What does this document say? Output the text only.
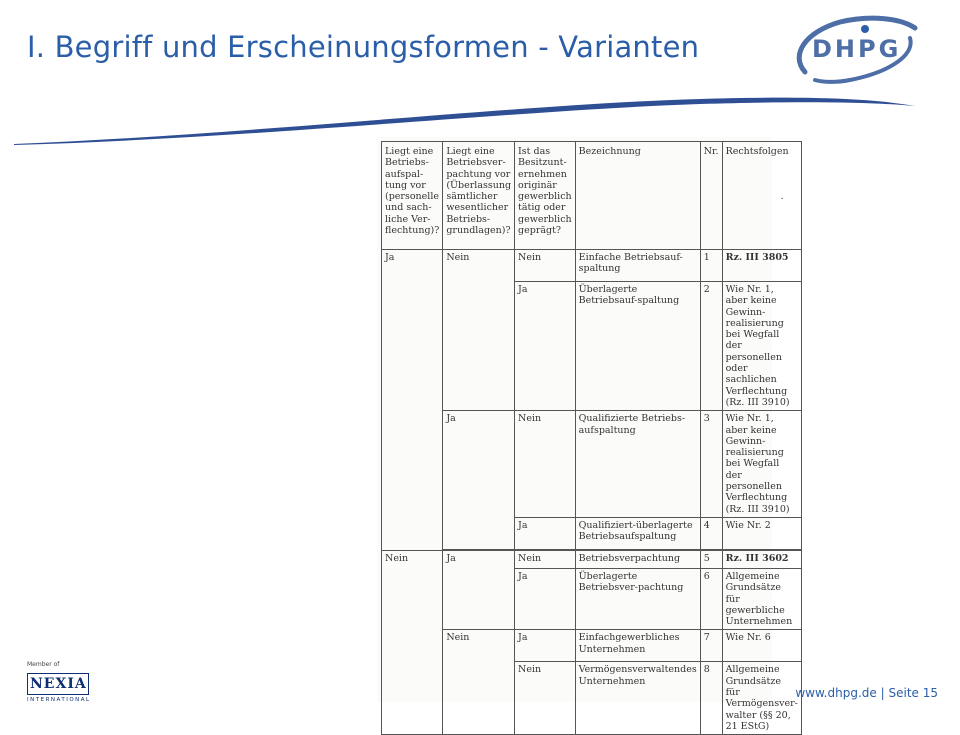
I. Begriff und Erscheinungsformen - Varianten	DHPG
Liegt eine Betriebs-aufspal-tung vor (personelle und sach-liche Ver-flechtung)?	Liegt eine Betriebsver-pachtung vor (Überlassung sämtlicher wesentlicher Betriebs-grundlagen)?	Ist das Besitzunt-ernehmen originär gewerblich tätig oder gewerblich geprägt?	Bezeichnung	Nr.	Rechtsfolgen

.
Ja	Nein	Nein	Einfache Betriebsauf-spaltung	1	Rz. III 3805
		Ja	Überlagerte Betriebsauf-spaltung	2	Wie Nr. 1, aber keine Gewinn-realisierung bei Wegfall der personellen oder sachlichen Verflechtung (Rz. III 3910)
	Ja	Nein	Qualifizierte Betriebs-aufspaltung	3	Wie Nr. 1, aber keine Gewinn-realisierung bei Wegfall der personellen Verflechtung (Rz. III 3910)
		Ja	Qualifiziert-überlagerte Betriebsaufspaltung	4	Wie Nr. 2

Nein	Ja	Nein	Betriebsverpachtung	5	Rz. III 3602
		Ja	Überlagerte Betriebsver-pachtung	6	Allgemeine Grundsätze für gewerbliche Unternehmen
	Nein	Ja	Einfachgewerbliches Unternehmen	7	Wie Nr. 6
		Nein	Vermögensverwaltendes Unternehmen	8	Allgemeine Grundsätze für Vermögensver-walter (§§ 20, 21 EStG)
Member of
NEXIA
INTERNATIONAL	www.dhpg.de | Seite 15
